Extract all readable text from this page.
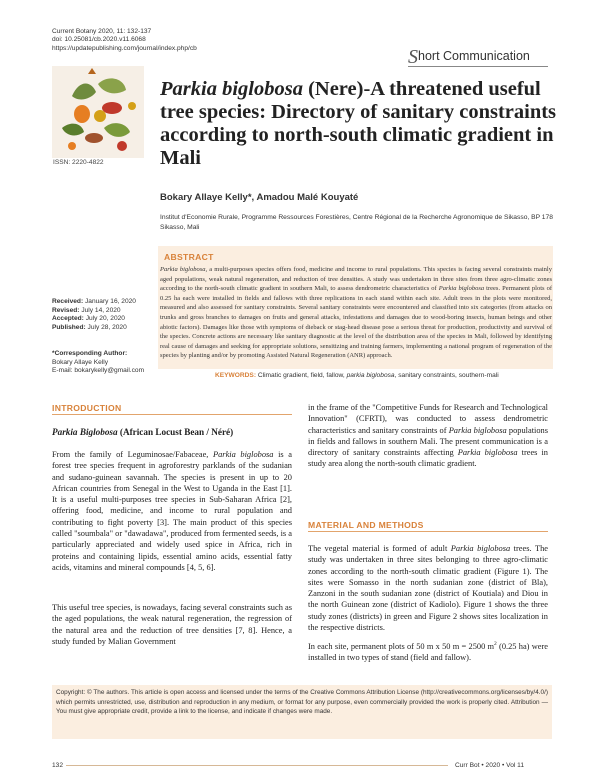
Current Botany 2020, 11: 132-137
doi: 10.25081/cb.2020.v11.6068
https://updatepublishing.com/journal/index.php/cb	Short Communication
ISSN: 2220-4822
Parkia biglobosa (Nere)-A threatened useful tree species: Directory of sanitary constraints according to north-south climatic gradient in Mali
Bokary Allaye Kelly*, Amadou Malé Kouyaté
Institut d'Economie Rurale, Programme Ressources Forestières, Centre Régional de la Recherche Agronomique de Sikasso, BP 178 Sikasso, Mali
ABSTRACT
Parkia biglobosa, a multi-purposes species offers food, medicine and income to rural populations. This species is facing several constraints mainly aged populations, weak natural regeneration, and reduction of tree densities. A study was undertaken in three sites from three agro-climatic zones according to the north-south climatic gradient in southern Mali, to assess dendrometric characteristics of Parkia biglobosa trees. Permanent plots of 0.25 ha each were installed in fields and fallows with three replications in each stand within each site. Adult trees in the plots were monitored, measured and also assessed for sanitary constraints. Several sanitary constraints were encountered and classified into six categories (from attacks on trunks and gross branches to damages on fruits and general attacks, infestations and damages due to wood-boring insects, human beings and other abiotic factors). Damages like those with symptoms of dieback or stag-head disease pose a serious threat for production, productivity and survival of the species. Concrete actions are necessary like sanitary diagnostic at the level of the distribution area of the species in Mali, followed by identifying real cause of damages and seeking for appropriate solutions, sensitizing and training farmers, implementing a national program of regeneration of the species by planting and/or by promoting Assisted Natural Regeneration (ANR) approach.
Received: January 16, 2020
Revised: July 14, 2020
Accepted: July 20, 2020
Published: July 28, 2020
*Corresponding Author:
Bokary Allaye Kelly
E-mail: bokarykelly@gmail.com
KEYWORDS: Climatic gradient, field, fallow, parkia biglobosa, sanitary constraints, southern-mali
INTRODUCTION
Parkia Biglobosa (African Locust Bean / Néré)
From the family of Leguminosae/Fabaceae, Parkia biglobosa is a forest tree species frequent in agroforestry parklands of the sudanian and sudano-guinean savannah. The species is present in up to 20 African countries from Senegal in the West to Uganda in the East [1]. It is a useful multi-purposes tree species in Sub-Saharan Africa [2], offering food, medicine, and income to rural population and contributing to fight poverty [3]. The main product of this species called "soumbala" or "dawadawa", produced from fermented seeds, is a particularly appreciated and widely used spice in Africa, rich in proteins and containing lipids, essential amino acids, essential fatty acids, vitamins and mineral compounds [4, 5, 6].
This useful tree species, is nowadays, facing several constraints such as the aged populations, the weak natural regeneration, the regression of the natural area and the reduction of tree densities [7, 8]. Hence, a study funded by Malian Government
in the frame of the "Competitive Funds for Research and Technological Innovation" (CFRTI), was conducted to assess dendrometric characteristics and sanitary constraints of Parkia biglobosa populations in fields and fallows in southern Mali. The present communication is a directory of sanitary constraints affecting Parkia biglobosa trees in study area along the north-south climatic gradient.
MATERIAL AND METHODS
The vegetal material is formed of adult Parkia biglobosa trees. The study was undertaken in three sites belonging to three agro-climatic zones according to the north-south climatic gradient (Figure 1). The sites were Somasso in the north sudanian zone (district of Bla), Zanzoni in the south sudanian zone (district of Koutiala) and Diou in the north Guinean zone (district of Kadiolo). Figure 1 shows the three study zones (districts) in green and Figure 2 shows sites localization in the respective districts.
In each site, permanent plots of 50 m x 50 m = 2500 $m^2$ (0.25 ha) were installed in two types of stand (field and fallow).
Copyright: © The authors. This article is open access and licensed under the terms of the Creative Commons Attribution License (http://creativecommons.org/licenses/by/4.0/) which permits unrestricted, use, distribution and reproduction in any medium, or format for any purpose, even commercially provided the work is properly cited. Attribution — You must give appropriate credit, provide a link to the license, and indicate if changes were made.
132	Curr Bot • 2020 • Vol 11
